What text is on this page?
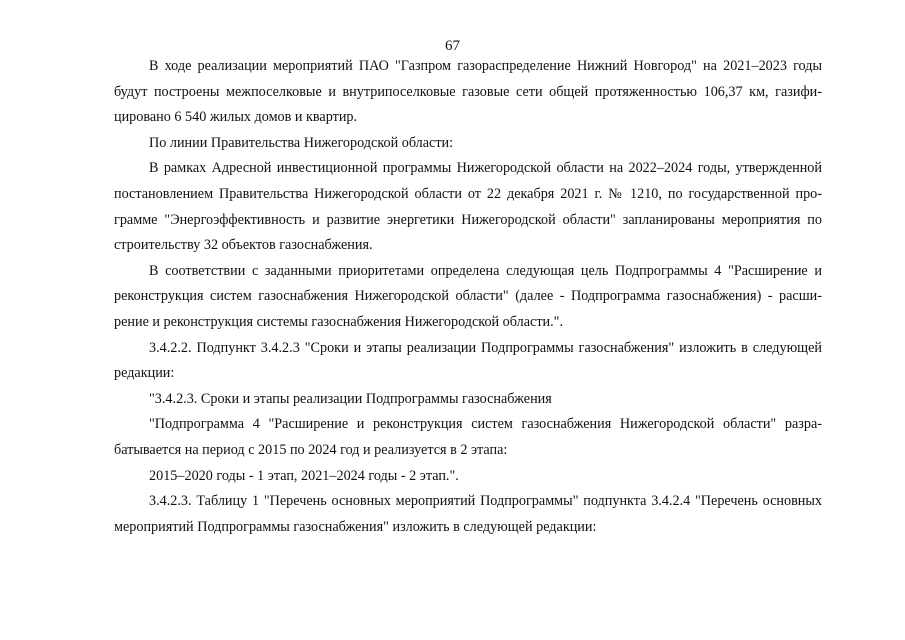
67

В ходе реализации мероприятий ПАО "Газпром газораспределение Нижний Новгород" на 2021–2023 годы будут построены межпоселковые и внутрипоселковые газовые сети общей протяженностью 106,37 км, газифицировано 6 540 жилых домов и квартир.

По линии Правительства Нижегородской области:

В рамках Адресной инвестиционной программы Нижегородской области на 2022–2024 годы, утвержденной постановлением Правительства Нижегородской области от 22 декабря 2021 г. № 1210, по государственной программе "Энергоэффективность и развитие энергетики Нижегородской области" запланированы мероприятия по строительству 32 объектов газоснабжения.

В соответствии с заданными приоритетами определена следующая цель Подпрограммы 4 "Расширение и реконструкция систем газоснабжения Нижегородской области" (далее - Подпрограмма газоснабжения) - расширение и реконструкция системы газоснабжения Нижегородской области.".

3.4.2.2. Подпункт 3.4.2.3 "Сроки и этапы реализации Подпрограммы газоснабжения" изложить в следующей редакции:

"3.4.2.3. Сроки и этапы реализации Подпрограммы газоснабжения

"Подпрограмма 4 "Расширение и реконструкция систем газоснабжения Нижегородской области" разрабатывается на период с 2015 по 2024 год и реализуется в 2 этапа:

2015–2020 годы - 1 этап, 2021–2024 годы - 2 этап.".

3.4.2.3. Таблицу 1 "Перечень основных мероприятий Подпрограммы" подпункта 3.4.2.4 "Перечень основных мероприятий Подпрограммы газоснабжения" изложить в следующей редакции:
